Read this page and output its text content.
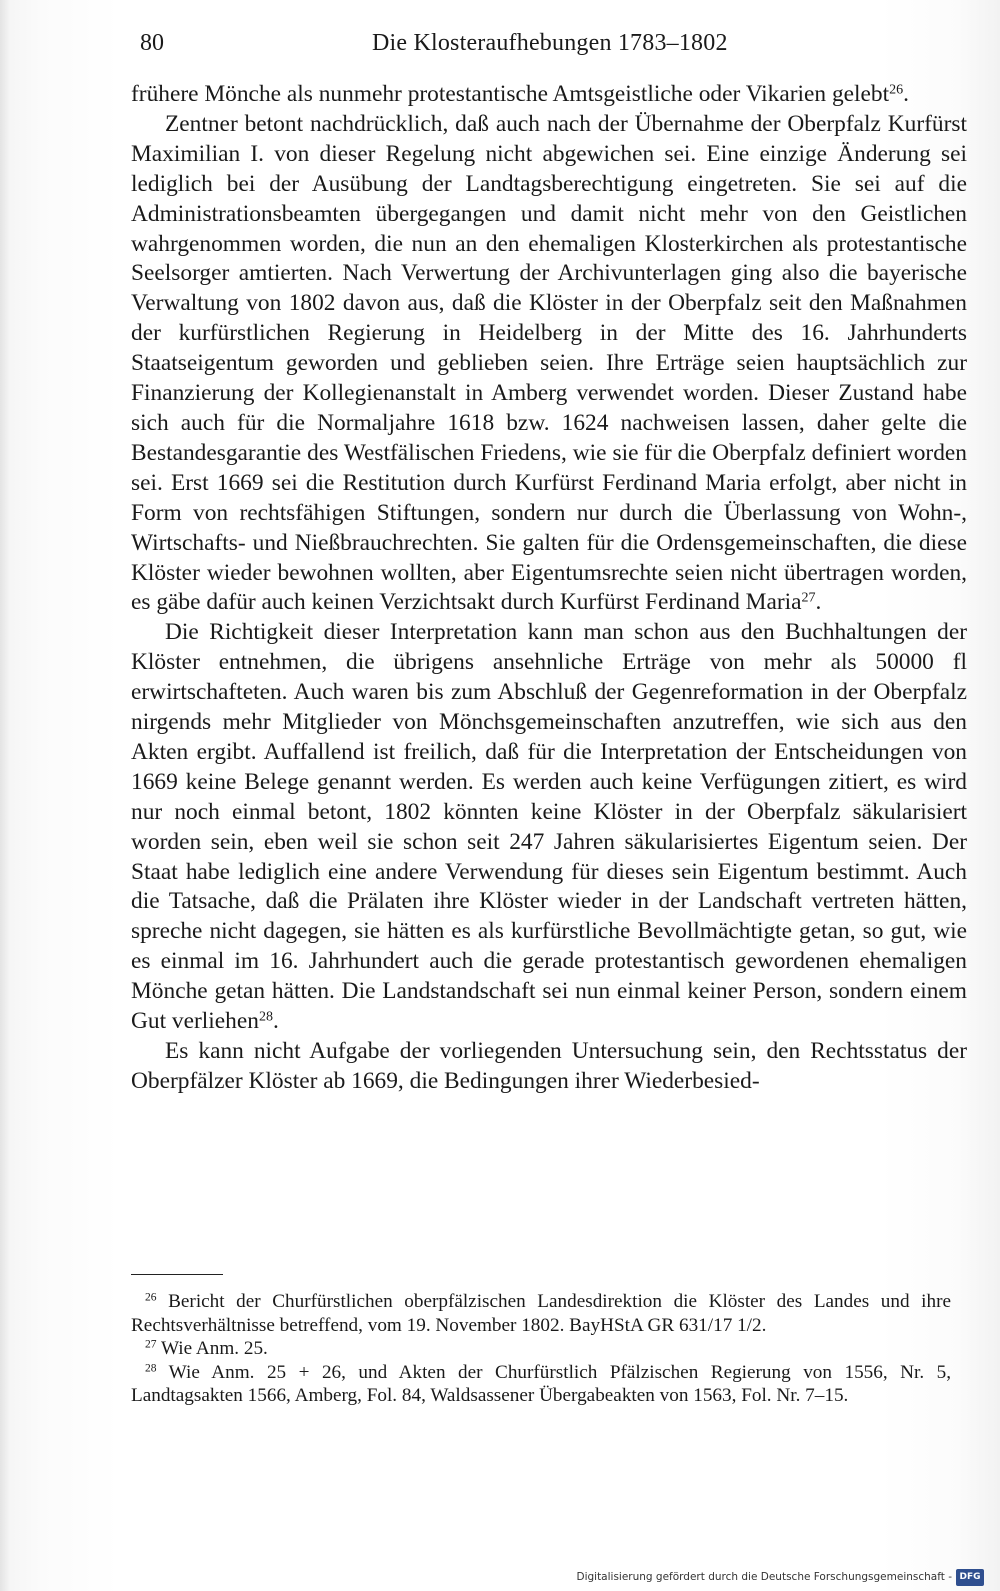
80	Die Klosteraufhebungen 1783–1802

frühere Mönche als nunmehr protestantische Amtsgeistliche oder Vikarien gelebt$^{26}$.

Zentner betont nachdrücklich, daß auch nach der Übernahme der Oberpfalz Kurfürst Maximilian I. von dieser Regelung nicht abgewichen sei. Eine einzige Änderung sei lediglich bei der Ausübung der Landtagsberechtigung eingetreten. Sie sei auf die Administrationsbeamten übergegangen und damit nicht mehr von den Geistlichen wahrgenommen worden, die nun an den ehemaligen Klosterkirchen als protestantische Seelsorger amtierten. Nach Verwertung der Archivunterlagen ging also die bayerische Verwaltung von 1802 davon aus, daß die Klöster in der Oberpfalz seit den Maßnahmen der kurfürstlichen Regierung in Heidelberg in der Mitte des 16. Jahrhunderts Staatseigentum geworden und geblieben seien. Ihre Erträge seien hauptsächlich zur Finanzierung der Kollegienanstalt in Amberg verwendet worden. Dieser Zustand habe sich auch für die Normaljahre 1618 bzw. 1624 nachweisen lassen, daher gelte die Bestandesgarantie des Westfälischen Friedens, wie sie für die Oberpfalz definiert worden sei. Erst 1669 sei die Restitution durch Kurfürst Ferdinand Maria erfolgt, aber nicht in Form von rechtsfähigen Stiftungen, sondern nur durch die Überlassung von Wohn-, Wirtschafts- und Nießbrauchrechten. Sie galten für die Ordensgemeinschaften, die diese Klöster wieder bewohnen wollten, aber Eigentumsrechte seien nicht übertragen worden, es gäbe dafür auch keinen Verzichtsakt durch Kurfürst Ferdinand Maria$^{27}$.

Die Richtigkeit dieser Interpretation kann man schon aus den Buchhaltungen der Klöster entnehmen, die übrigens ansehnliche Erträge von mehr als 50000 fl erwirtschafteten. Auch waren bis zum Abschluß der Gegenreformation in der Oberpfalz nirgends mehr Mitglieder von Mönchsgemeinschaften anzutreffen, wie sich aus den Akten ergibt. Auffallend ist freilich, daß für die Interpretation der Entscheidungen von 1669 keine Belege genannt werden. Es werden auch keine Verfügungen zitiert, es wird nur noch einmal betont, 1802 könnten keine Klöster in der Oberpfalz säkularisiert worden sein, eben weil sie schon seit 247 Jahren säkularisiertes Eigentum seien. Der Staat habe lediglich eine andere Verwendung für dieses sein Eigentum bestimmt. Auch die Tatsache, daß die Prälaten ihre Klöster wieder in der Landschaft vertreten hätten, spreche nicht dagegen, sie hätten es als kurfürstliche Bevollmächtigte getan, so gut, wie es einmal im 16. Jahrhundert auch die gerade protestantisch gewordenen ehemaligen Mönche getan hätten. Die Landstandschaft sei nun einmal keiner Person, sondern einem Gut verliehen$^{28}$.

Es kann nicht Aufgabe der vorliegenden Untersuchung sein, den Rechtsstatus der Oberpfälzer Klöster ab 1669, die Bedingungen ihrer Wiederbesied-

$^{26}$ Bericht der Churfürstlichen oberpfälzischen Landesdirektion die Klöster des Landes und ihre Rechtsverhältnisse betreffend, vom 19. November 1802. BayHStA GR 631/17 1/2.

$^{27}$ Wie Anm. 25.

$^{28}$ Wie Anm. 25 + 26, und Akten der Churfürstlich Pfälzischen Regierung von 1556, Nr. 5, Landtagsakten 1566, Amberg, Fol. 84, Waldsassener Übergabeakten von 1563, Fol. Nr. 7–15.

Digitalisierung gefördert durch die Deutsche Forschungsgemeinschaft - DFG
